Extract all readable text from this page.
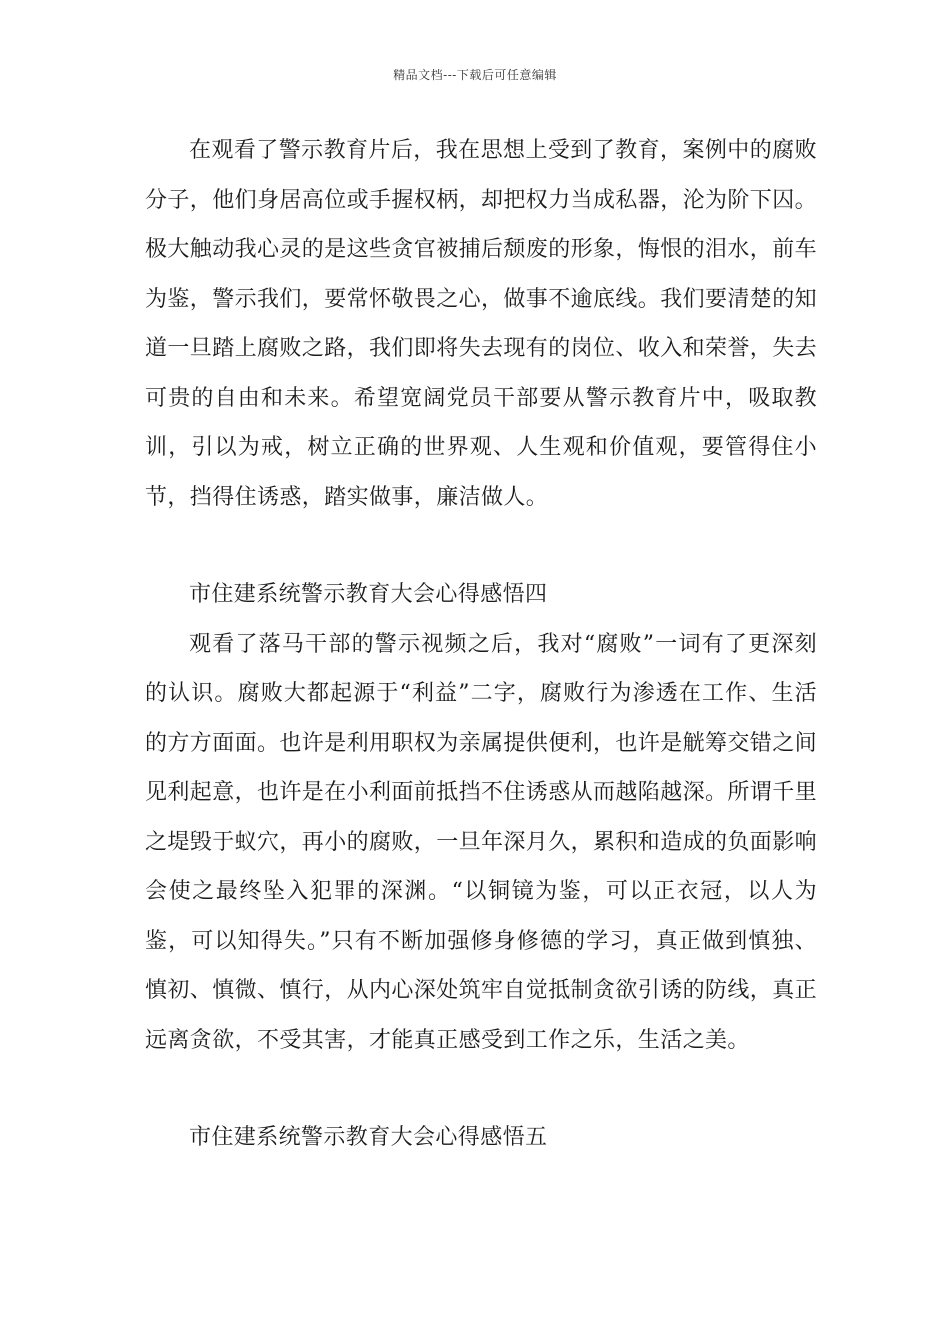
精品文档---下载后可任意编辑

在观看了警示教育片后，我在思想上受到了教育，案例中的腐败分子，他们身居高位或手握权柄，却把权力当成私器，沦为阶下囚。极大触动我心灵的是这些贪官被捕后颓废的形象，悔恨的泪水，前车为鉴，警示我们，要常怀敬畏之心，做事不逾底线。我们要清楚的知道一旦踏上腐败之路，我们即将失去现有的岗位、收入和荣誉，失去可贵的自由和未来。希望宽阔党员干部要从警示教育片中，吸取教训，引以为戒，树立正确的世界观、人生观和价值观，要管得住小节，挡得住诱惑，踏实做事，廉洁做人。

市住建系统警示教育大会心得感悟四

观看了落马干部的警示视频之后，我对“腐败”一词有了更深刻的认识。腐败大都起源于“利益”二字，腐败行为渗透在工作、生活的方方面面。也许是利用职权为亲属提供便利，也许是觥筹交错之间见利起意，也许是在小利面前抵挡不住诱惑从而越陷越深。所谓千里之堤毁于蚁穴，再小的腐败，一旦年深月久，累积和造成的负面影响会使之最终坠入犯罪的深渊。“以铜镜为鉴，可以正衣冠，以人为鉴，可以知得失。”只有不断加强修身修德的学习，真正做到慎独、慎初、慎微、慎行，从内心深处筑牢自觉抵制贪欲引诱的防线，真正远离贪欲，不受其害，才能真正感受到工作之乐，生活之美。

市住建系统警示教育大会心得感悟五
